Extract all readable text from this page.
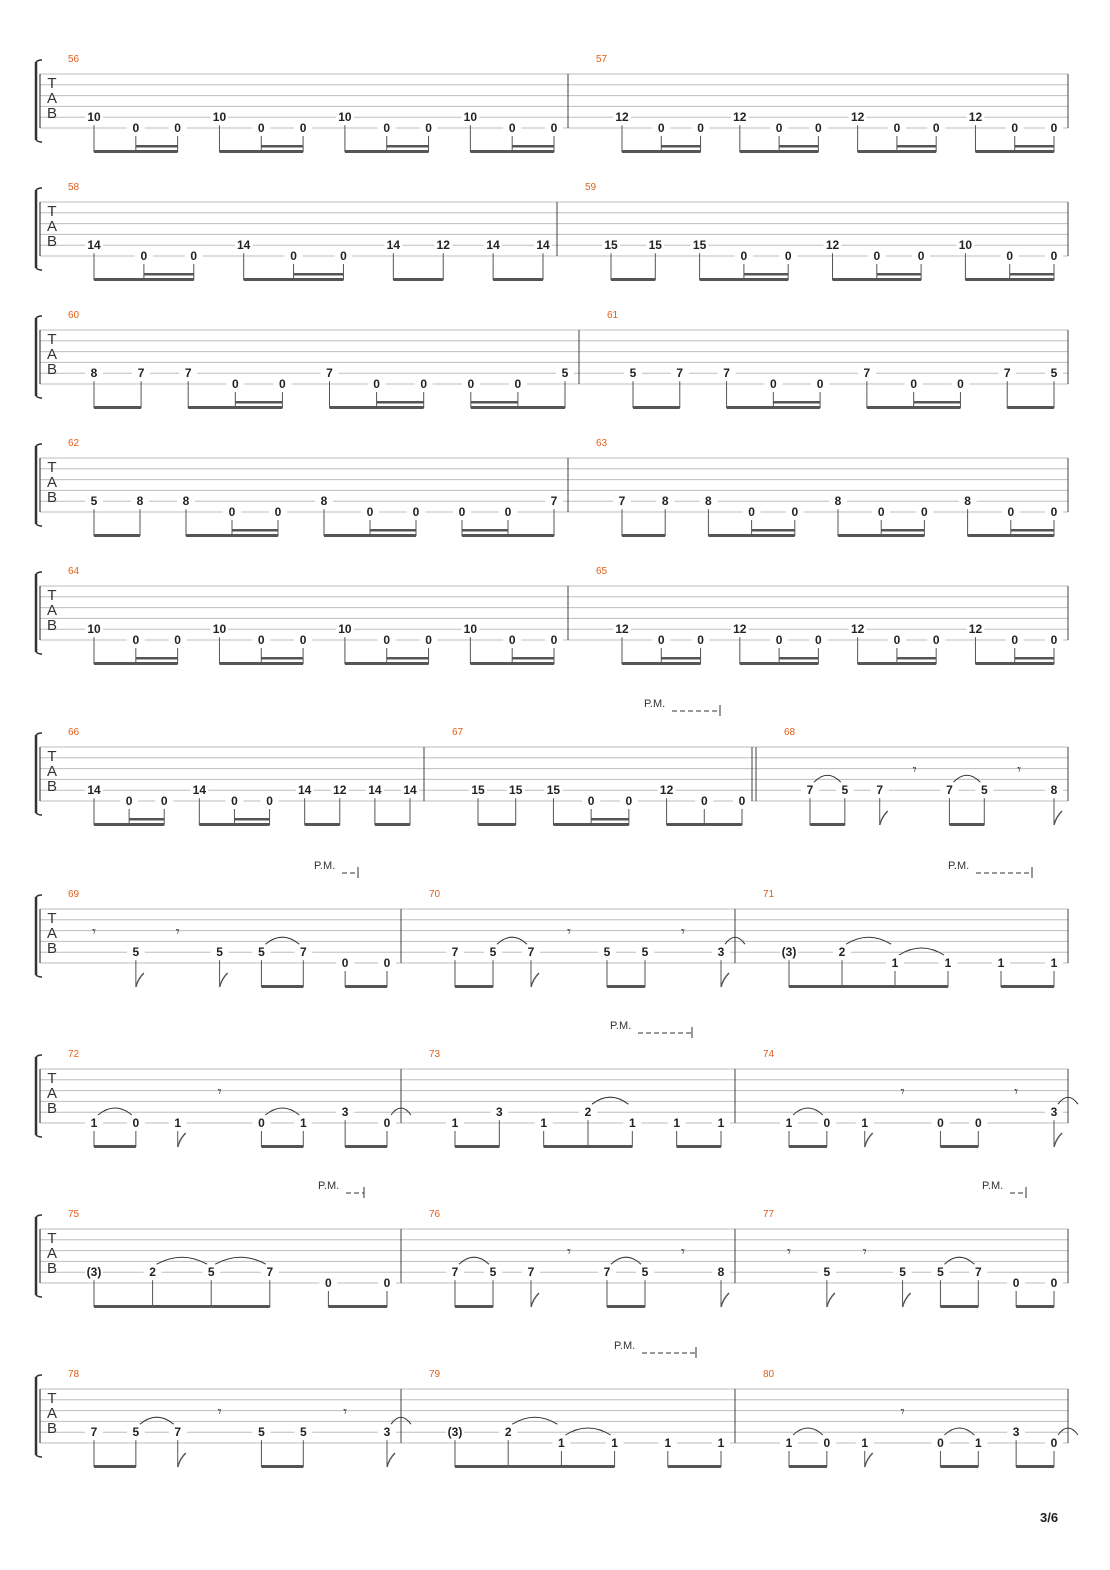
T
A
B
56
10
0	0
10
0	0
10
0	0
10
0	0
57
12
0	0
12
0	0
12
0	0
12
0	0
T
A
B
58
14
0	0
14
0	0
14	12	14	14
59
15	15	15
0	0
12
0	0
10
0	0
T
A
B
60
8	7	7
0	0
7
0	0	0	0
5
61
5	7	7
0	0
7
0	0
7	5
T
A
B
62
5	8	8
0	0
8
0	0	0	0
7
63
7	8	8
0	0
8
0	0
8
0	0
T
A
B
64
10
0	0
10
0	0
10
0	0
10
0	0
65
12
0	0
12
0	0
12
0	0
12
0	0
T
A
B
66
14
0 0
14
0 0
14 12 14 14
67
15 15 15
0	0
12
0	0
68
P.M.
7 5 7
𝄾
7 5
𝄾
8
T
A
B
69
P.M.
𝄾
5
𝄾
5	5	7
0	0
70
7	5	7
𝄾
5	5
𝄾
3
71
P.M.
(3)	2
1	1	1	1
T
A
B
72
1	0	1
𝄾
0	1
3
0
73
P.M.
1
3
1
2
1	1	1
74
1	0	1
𝄾
0	0
𝄾
3
T
A
B
75
P.M.
(3)	2	5	7
0	0
76
7	5	7
𝄾
7	5
𝄾
8
77
P.M.
𝄾
5
𝄾
5	5	7
0	0
T
A
B
78
7	5	7
𝄾
5	5
𝄾
3
79
P.M.
(3)	2
1	1	1	1
80
1	0	1
𝄾
0	1
3
0
3/6
